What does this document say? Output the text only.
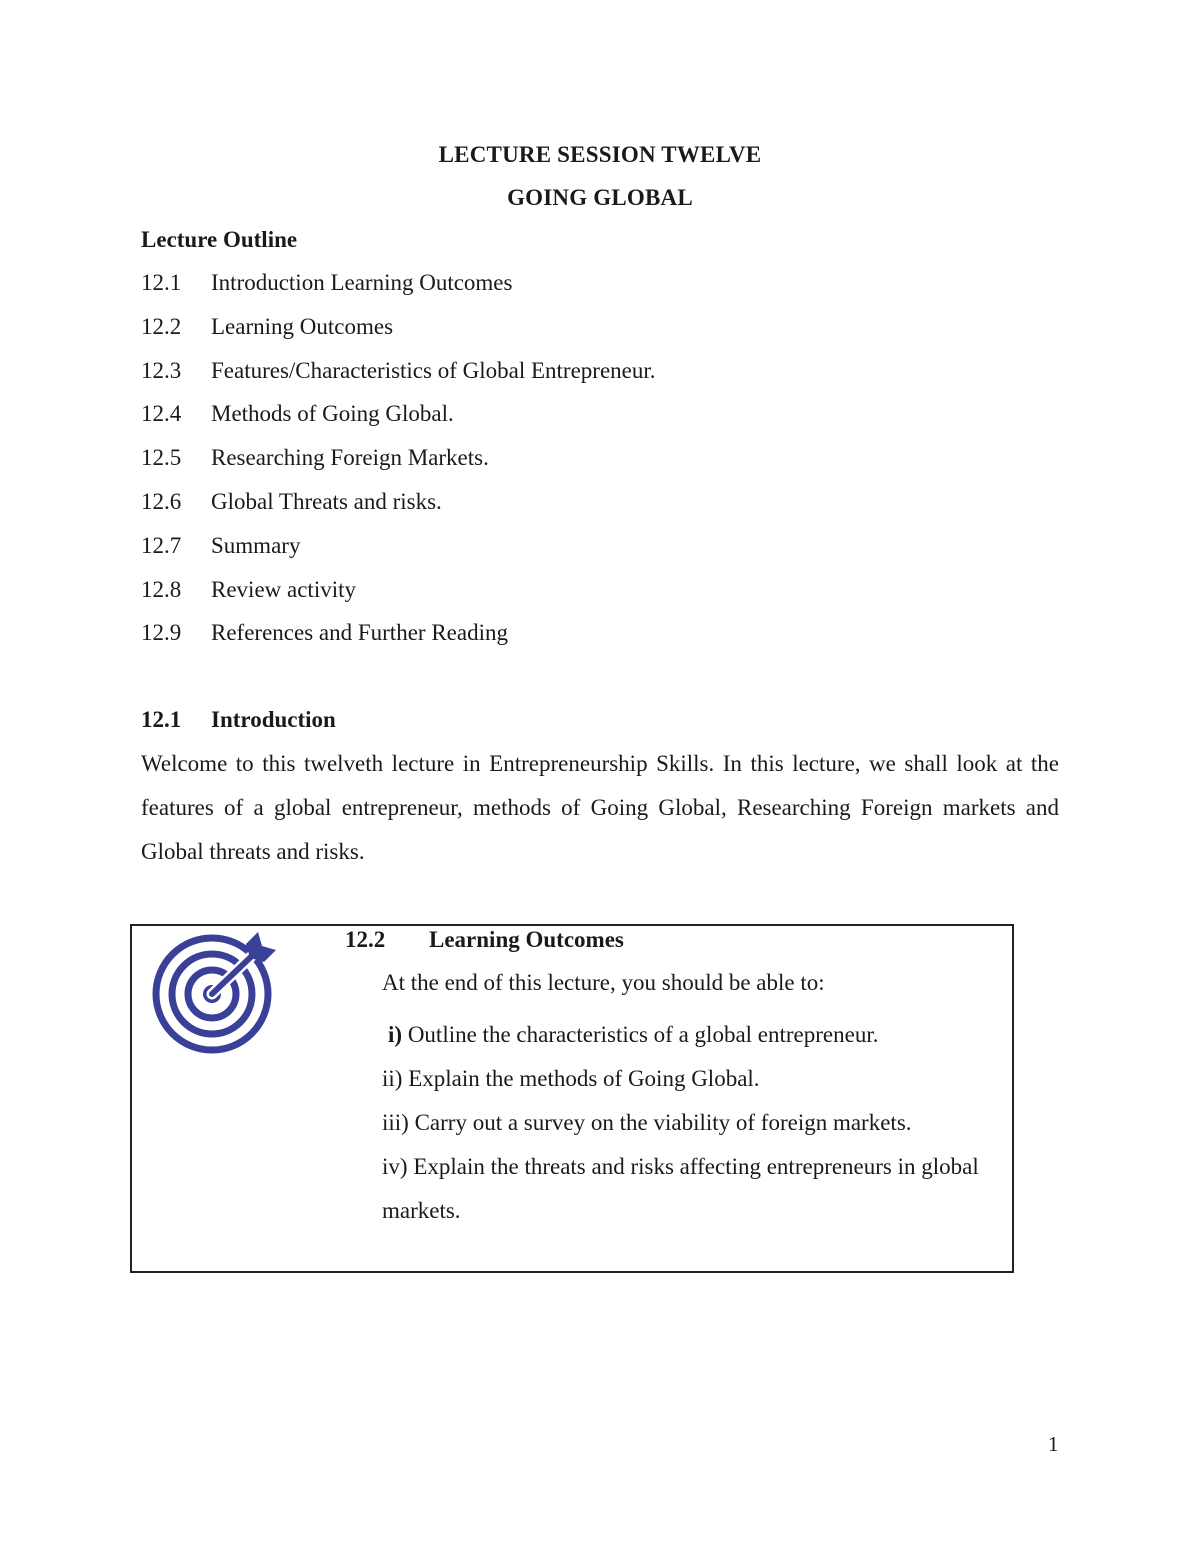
LECTURE SESSION TWELVE
GOING GLOBAL
Lecture Outline
12.1	Introduction Learning Outcomes
12.2	Learning Outcomes
12.3	Features/Characteristics of Global Entrepreneur.
12.4	Methods of Going Global.
12.5	Researching Foreign Markets.
12.6	Global Threats and risks.
12.7	Summary
12.8	Review activity
12.9	References and Further Reading
12.1 Introduction

Welcome to this twelveth lecture in Entrepreneurship Skills. In this lecture, we shall look at the features of a global entrepreneur, methods of Going Global, Researching Foreign markets and Global threats and risks.

12.2 Learning Outcomes
At the end of this lecture, you should be able to:
i) Outline the characteristics of a global entrepreneur.
ii) Explain the methods of Going Global.
iii) Carry out a survey on the viability of foreign markets.
iv) Explain the threats and risks affecting entrepreneurs in global markets.
1
